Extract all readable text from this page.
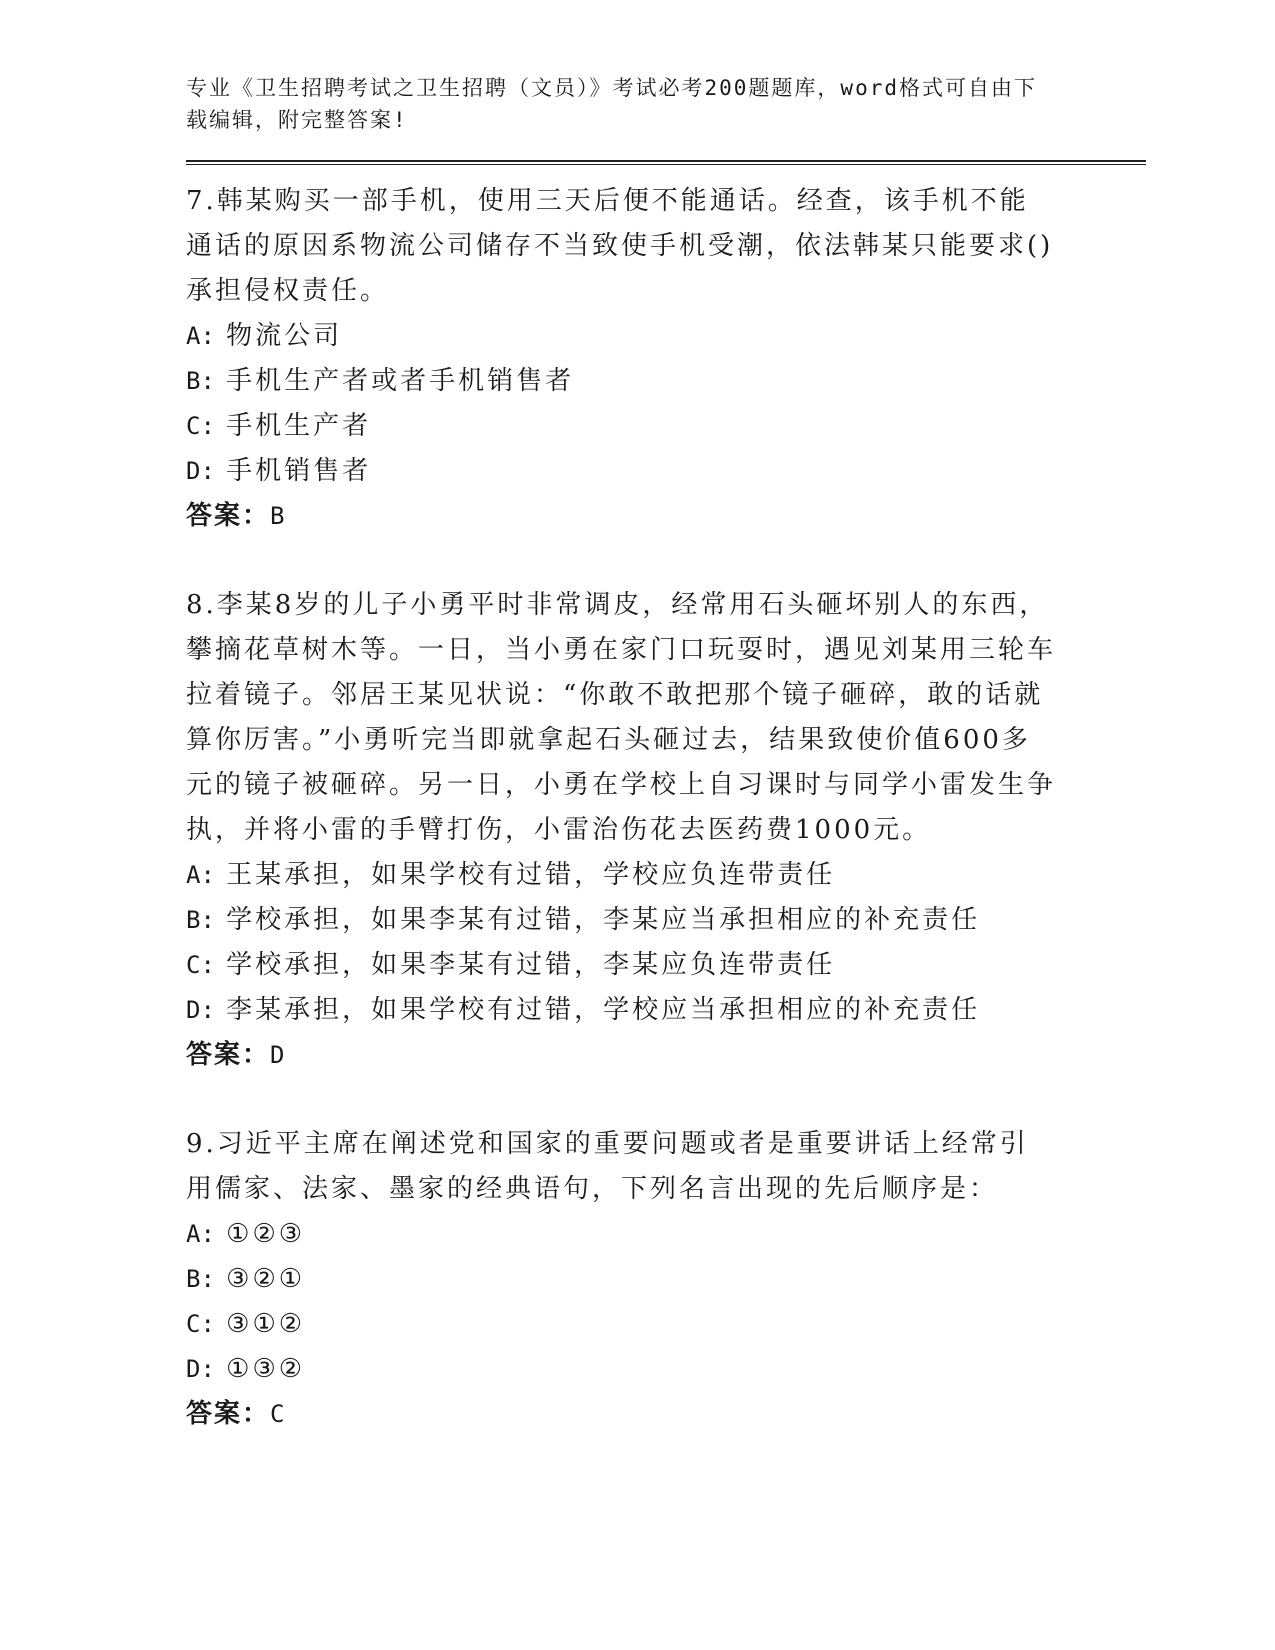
专业《卫生招聘考试之卫生招聘（文员）》考试必考200题题库，word格式可自由下载编辑，附完整答案!

7.韩某购买一部手机，使用三天后便不能通话。经查，该手机不能通话的原因系物流公司储存不当致使手机受潮，依法韩某只能要求()承担侵权责任。

A: 物流公司
B: 手机生产者或者手机销售者
C: 手机生产者
D: 手机销售者
答案：B

8.李某8岁的儿子小勇平时非常调皮，经常用石头砸坏别人的东西，攀摘花草树木等。一日，当小勇在家门口玩耍时，遇见刘某用三轮车拉着镜子。邻居王某见状说：“你敢不敢把那个镜子砸碎，敢的话就算你厉害。”小勇听完当即就拿起石头砸过去，结果致使价值600多元的镜子被砸碎。另一日，小勇在学校上自习课时与同学小雷发生争执，并将小雷的手臂打伤，小雷治伤花去医药费1000元。

A: 王某承担，如果学校有过错，学校应负连带责任
B: 学校承担，如果李某有过错，李某应当承担相应的补充责任
C: 学校承担，如果李某有过错，李某应负连带责任
D: 李某承担，如果学校有过错，学校应当承担相应的补充责任
答案：D

9.习近平主席在阐述党和国家的重要问题或者是重要讲话上经常引用儒家、法家、墨家的经典语句，下列名言出现的先后顺序是：

A: ①②③
B: ③②①
C: ③①②
D: ①③②
答案：C
